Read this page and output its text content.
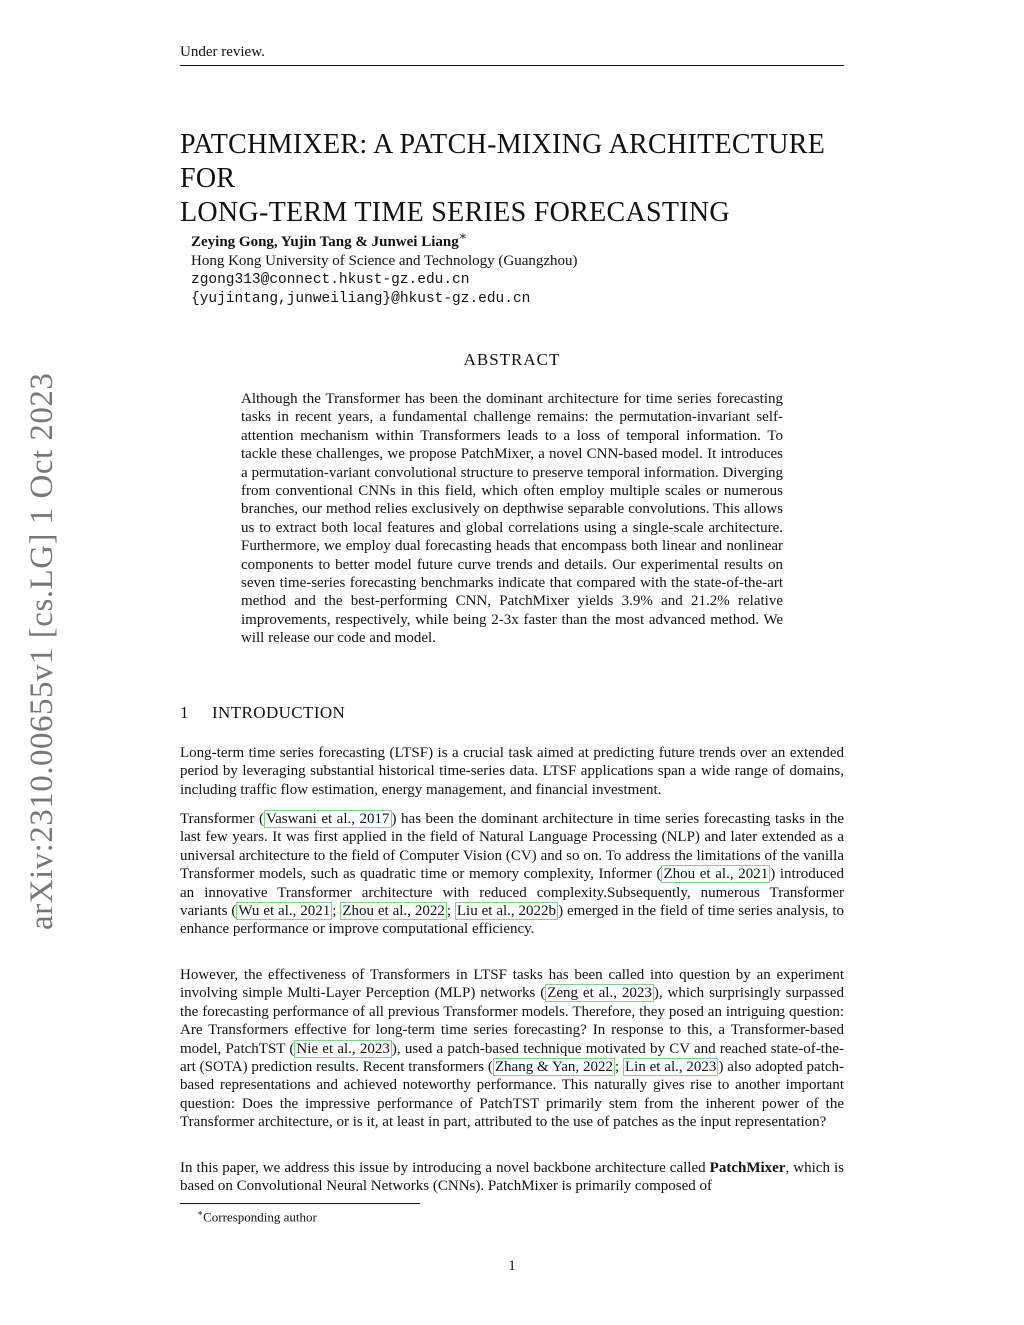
Under review.
PATCHMIXER: A PATCH-MIXING ARCHITECTURE FOR
LONG-TERM TIME SERIES FORECASTING
Zeying Gong, Yujin Tang & Junwei Liang∗
Hong Kong University of Science and Technology (Guangzhou)
zgong313@connect.hkust-gz.edu.cn
{yujintang,junweiliang}@hkust-gz.edu.cn
arXiv:2310.00655v1 [cs.LG] 1 Oct 2023
ABSTRACT

Although the Transformer has been the dominant architecture for time series forecasting tasks in recent years, a fundamental challenge remains: the permutation-invariant self-attention mechanism within Transformers leads to a loss of temporal information. To tackle these challenges, we propose PatchMixer, a novel CNN-based model. It introduces a permutation-variant convolutional structure to preserve temporal information. Diverging from conventional CNNs in this field, which often employ multiple scales or numerous branches, our method relies exclusively on depthwise separable convolutions. This allows us to extract both local features and global correlations using a single-scale architecture. Furthermore, we employ dual forecasting heads that encompass both linear and nonlinear components to better model future curve trends and details. Our experimental results on seven time-series forecasting benchmarks indicate that compared with the state-of-the-art method and the best-performing CNN, PatchMixer yields 3.9% and 21.2% relative improvements, respectively, while being 2-3x faster than the most advanced method. We will release our code and model.

1 INTRODUCTION

Long-term time series forecasting (LTSF) is a crucial task aimed at predicting future trends over an extended period by leveraging substantial historical time-series data. LTSF applications span a wide range of domains, including traffic flow estimation, energy management, and financial investment.

Transformer ( Vaswani et al., 2017 ) has been the dominant architecture in time series forecasting tasks in the last few years. It was first applied in the field of Natural Language Processing (NLP) and later extended as a universal architecture to the field of Computer Vision (CV) and so on. To address the limitations of the vanilla Transformer models, such as quadratic time or memory complexity, Informer ( Zhou et al., 2021 ) introduced an innovative Transformer architecture with reduced complexity.Subsequently, numerous Transformer variants ( Wu et al., 2021 ; Zhou et al., 2022 ; Liu et al., 2022b ) emerged in the field of time series analysis, to enhance performance or improve computational efficiency.

However, the effectiveness of Transformers in LTSF tasks has been called into question by an experiment involving simple Multi-Layer Perception (MLP) networks ( Zeng et al., 2023 ), which surprisingly surpassed the forecasting performance of all previous Transformer models. Therefore, they posed an intriguing question: Are Transformers effective for long-term time series forecasting? In response to this, a Transformer-based model, PatchTST ( Nie et al., 2023 ), used a patch-based technique motivated by CV and reached state-of-the-art (SOTA) prediction results. Recent transformers ( Zhang & Yan, 2022 ; Lin et al., 2023 ) also adopted patch-based representations and achieved noteworthy performance. This naturally gives rise to another important question: Does the impressive performance of PatchTST primarily stem from the inherent power of the Transformer architecture, or is it, at least in part, attributed to the use of patches as the input representation?

In this paper, we address this issue by introducing a novel backbone architecture called PatchMixer, which is based on Convolutional Neural Networks (CNNs). PatchMixer is primarily composed of

∗Corresponding author
1
